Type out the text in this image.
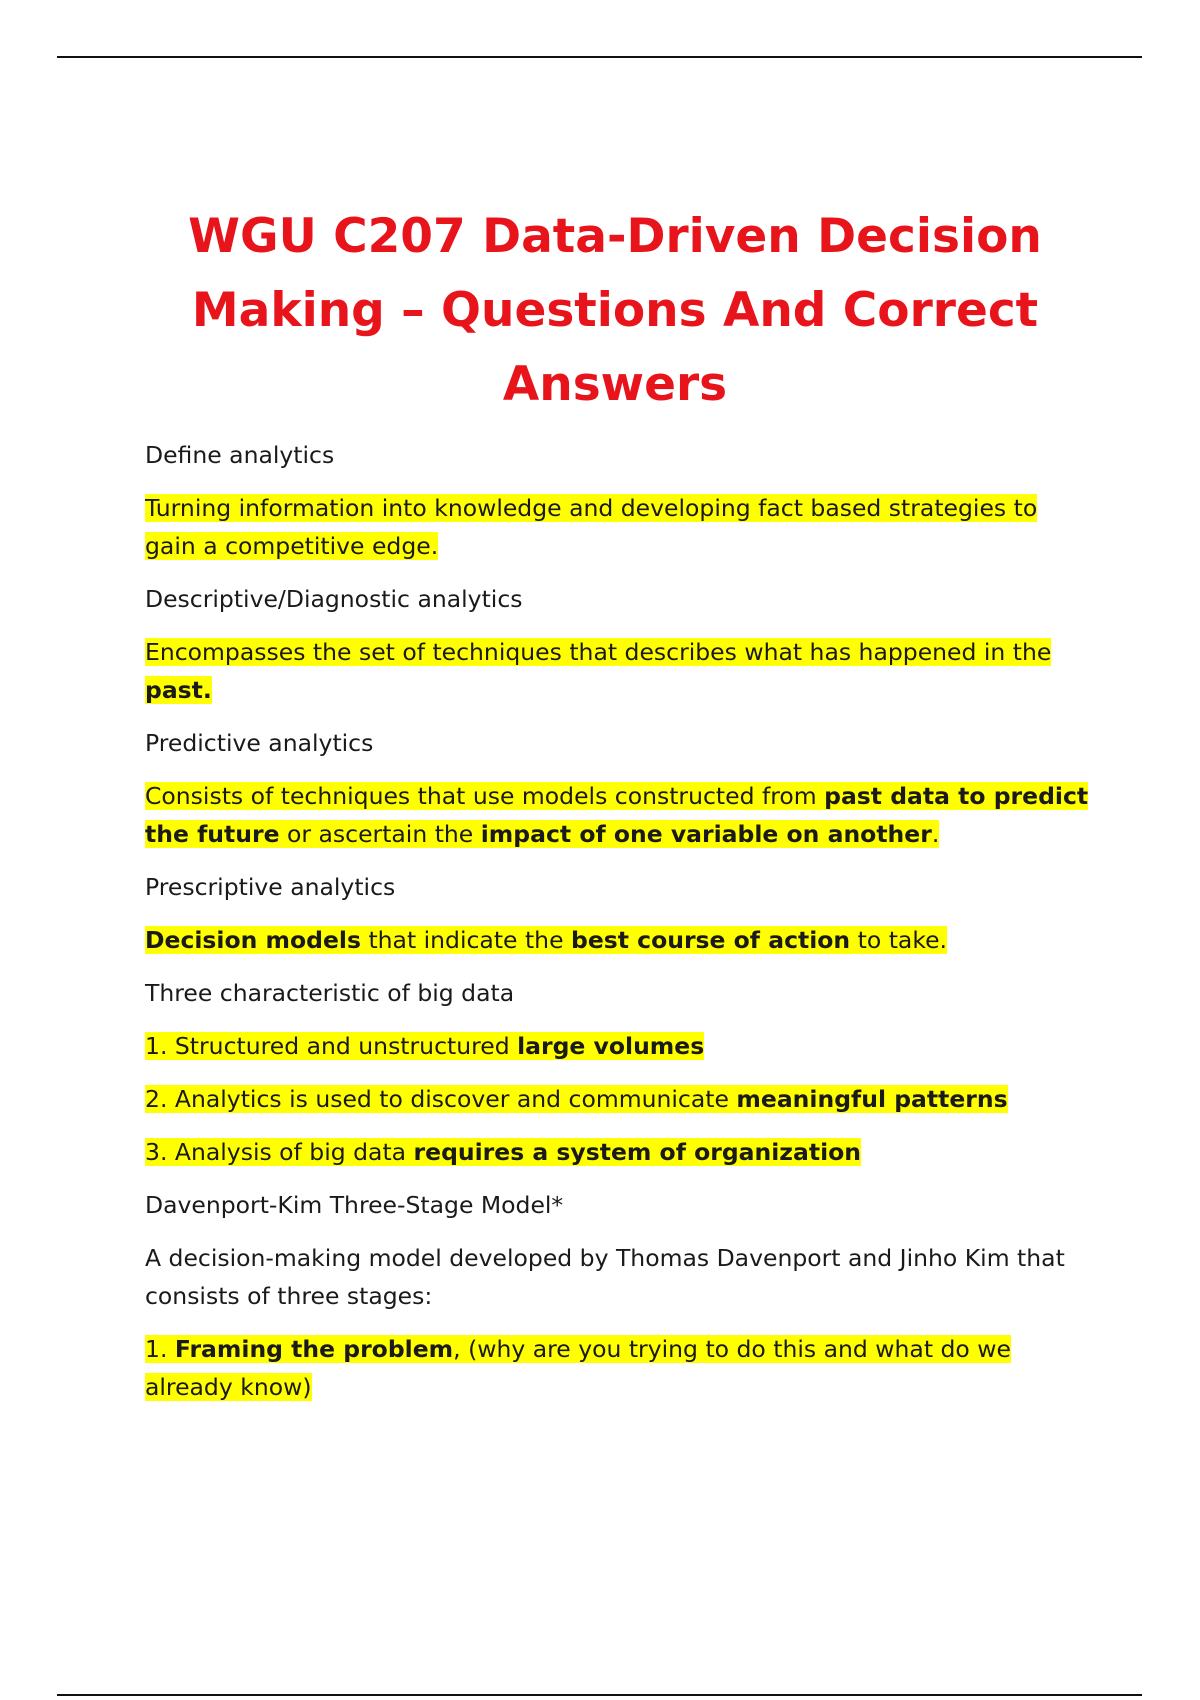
WGU C207 Data-Driven Decision Making – Questions And Correct Answers

Define analytics

Turning information into knowledge and developing fact based strategies to gain a competitive edge.

Descriptive/Diagnostic analytics

Encompasses the set of techniques that describes what has happened in the past.

Predictive analytics

Consists of techniques that use models constructed from past data to predict the future or ascertain the impact of one variable on another.

Prescriptive analytics

Decision models that indicate the best course of action to take.

Three characteristic of big data

1. Structured and unstructured large volumes

2. Analytics is used to discover and communicate meaningful patterns

3. Analysis of big data requires a system of organization

Davenport-Kim Three-Stage Model*

A decision-making model developed by Thomas Davenport and Jinho Kim that consists of three stages:

1. Framing the problem, (why are you trying to do this and what do we already know)
